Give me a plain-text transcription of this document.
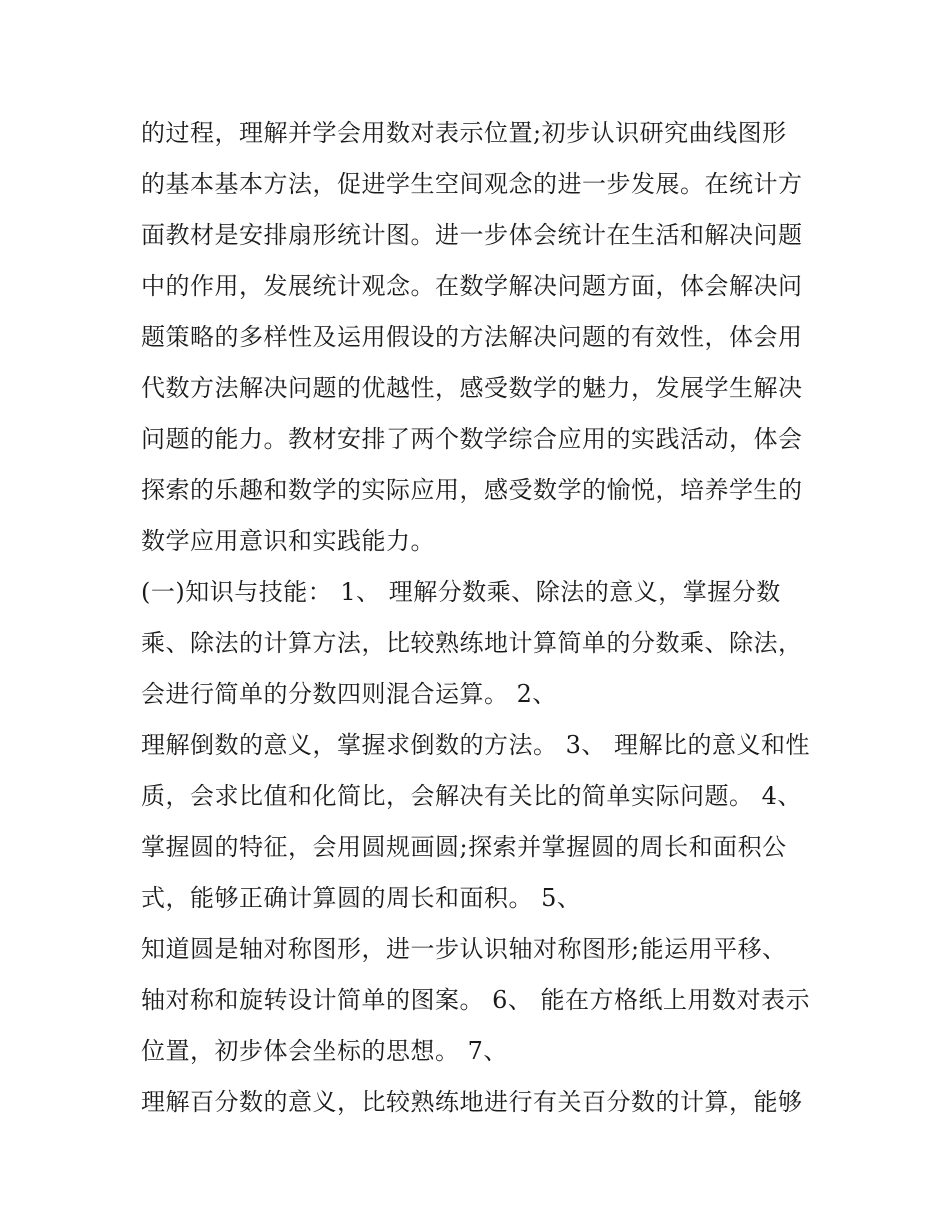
的过程，理解并学会用数对表示位置;初步认识研究曲线图形
的基本基本方法，促进学生空间观念的进一步发展。在统计方
面教材是安排扇形统计图。进一步体会统计在生活和解决问题
中的作用，发展统计观念。在数学解决问题方面，体会解决问
题策略的多样性及运用假设的方法解决问题的有效性，体会用
代数方法解决问题的优越性，感受数学的魅力，发展学生解决
问题的能力。教材安排了两个数学综合应用的实践活动，体会
探索的乐趣和数学的实际应用，感受数学的愉悦，培养学生的
数学应用意识和实践能力。
(一)知识与技能： 1、 理解分数乘、除法的意义，掌握分数
乘、除法的计算方法，比较熟练地计算简单的分数乘、除法，
会进行简单的分数四则混合运算。 2、
理解倒数的意义，掌握求倒数的方法。 3、 理解比的意义和性
质，会求比值和化简比，会解决有关比的简单实际问题。 4、
掌握圆的特征，会用圆规画圆;探索并掌握圆的周长和面积公
式，能够正确计算圆的周长和面积。 5、
知道圆是轴对称图形，进一步认识轴对称图形;能运用平移、
轴对称和旋转设计简单的图案。 6、 能在方格纸上用数对表示
位置，初步体会坐标的思想。 7、
理解百分数的意义，比较熟练地进行有关百分数的计算，能够
